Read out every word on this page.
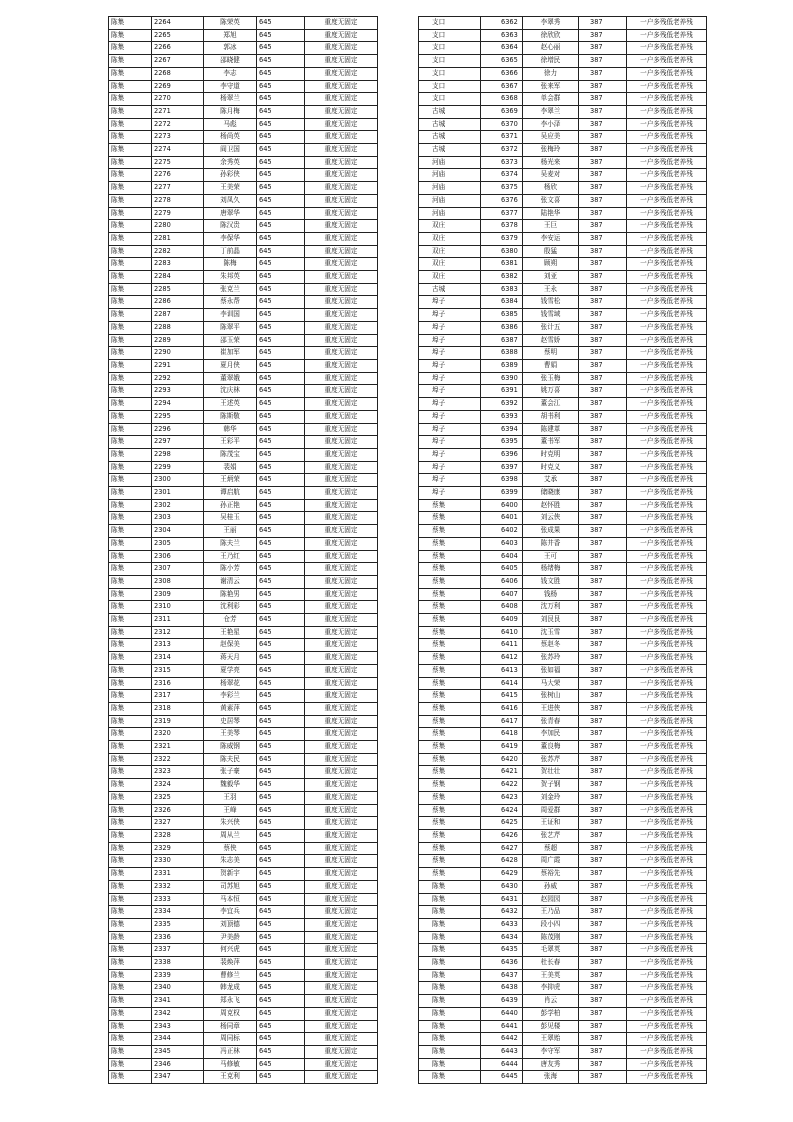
陈集	2264	陈荣英	645	重度无固定
陈集	2265	郑旭	645	重度无固定
陈集	2266	郭冰	645	重度无固定
陈集	2267	邵晓健	645	重度无固定
陈集	2268	李志	645	重度无固定
陈集	2269	李守道	645	重度无固定
陈集	2270	杨翠兰	645	重度无固定
陈集	2271	陈月梅	645	重度无固定
陈集	2272	马彪	645	重度无固定
陈集	2273	杨尚英	645	重度无固定
陈集	2274	阎卫国	645	重度无固定
陈集	2275	余秀英	645	重度无固定
陈集	2276	孙彩侠	645	重度无固定
陈集	2277	王美荣	645	重度无固定
陈集	2278	刘凤久	645	重度无固定
陈集	2279	唐翠华	645	重度无固定
陈集	2280	陈汉贵	645	重度无固定
陈集	2281	李保华	645	重度无固定
陈集	2282	丁前晶	645	重度无固定
陈集	2283	陈梅	645	重度无固定
陈集	2284	朱邦英	645	重度无固定
陈集	2285	张克兰	645	重度无固定
陈集	2286	蔡永帮	645	重度无固定
陈集	2287	李训国	645	重度无固定
陈集	2288	陈翠平	645	重度无固定
陈集	2289	邵玉荣	645	重度无固定
陈集	2290	崔加军	645	重度无固定
陈集	2291	夏月侠	645	重度无固定
陈集	2292	董翠娥	645	重度无固定
陈集	2293	沈庆林	645	重度无固定
陈集	2294	王述英	645	重度无固定
陈集	2295	陈斯敬	645	重度无固定
陈集	2296	韩华	645	重度无固定
陈集	2297	王彩平	645	重度无固定
陈集	2298	陈茂宝	645	重度无固定
陈集	2299	裴娟	645	重度无固定
陈集	2300	王炳荣	645	重度无固定
陈集	2301	谭启航	645	重度无固定
陈集	2302	孙正艳	645	重度无固定
陈集	2303	吴桂玉	645	重度无固定
陈集	2304	王丽	645	重度无固定
陈集	2305	陈夫兰	645	重度无固定
陈集	2306	王乃红	645	重度无固定
陈集	2307	陈小芳	645	重度无固定
陈集	2308	谢清云	645	重度无固定
陈集	2309	陈艳男	645	重度无固定
陈集	2310	沈利彩	645	重度无固定
陈集	2311	仓芳	645	重度无固定
陈集	2312	王艳星	645	重度无固定
陈集	2313	赵保美	645	重度无固定
陈集	2314	蒋天月	645	重度无固定
陈集	2315	夏学亮	645	重度无固定
陈集	2316	杨翠花	645	重度无固定
陈集	2317	李彩兰	645	重度无固定
陈集	2318	黄素萍	645	重度无固定
陈集	2319	史居琴	645	重度无固定
陈集	2320	王美琴	645	重度无固定
陈集	2321	陈威钢	645	重度无固定
陈集	2322	陈夫民	645	重度无固定
陈集	2323	张子豪	645	重度无固定
陈集	2324	魏毅华	645	重度无固定
陈集	2325	王羽	645	重度无固定
陈集	2326	王峰	645	重度无固定
陈集	2327	朱兴侠	645	重度无固定
陈集	2328	周从兰	645	重度无固定
陈集	2329	蔡侠	645	重度无固定
陈集	2330	朱志美	645	重度无固定
陈集	2331	贺新宇	645	重度无固定
陈集	2332	司苏旭	645	重度无固定
陈集	2333	马本恒	645	重度无固定
陈集	2334	李宜兵	645	重度无固定
陈集	2335	刘顶德	645	重度无固定
陈集	2336	尹美龄	645	重度无固定
陈集	2337	何兴虎	645	重度无固定
陈集	2338	裴焕萍	645	重度无固定
陈集	2339	曹修兰	645	重度无固定
陈集	2340	韩龙成	645	重度无固定
陈集	2341	郑永飞	645	重度无固定
陈集	2342	周克权	645	重度无固定
陈集	2343	杨同章	645	重度无固定
陈集	2344	周同标	645	重度无固定
陈集	2345	冯正林	645	重度无固定
陈集	2346	马修敏	645	重度无固定
陈集	2347	王克利	645	重度无固定
支口	6362	李翠秀	387	一户多残低老养残
支口	6363	徐欣欣	387	一户多残低老养残
支口	6364	赵心丽	387	一户多残低老养残
支口	6365	徐增民	387	一户多残低老养残
支口	6366	徐力	387	一户多残低老养残
支口	6367	张来军	387	一户多残低老养残
支口	6368	单会群	387	一户多残低老养残
古城	6369	李翠兰	387	一户多残低老养残
古城	6370	李小泽	387	一户多残低老养残
古城	6371	吴应美	387	一户多残低老养残
古城	6372	张梅玲	387	一户多残低老养残
河庙	6373	杨光来	387	一户多残低老养残
河庙	6374	吴麦对	387	一户多残低老养残
河庙	6375	杨欣	387	一户多残低老养残
河庙	6376	张文喜	387	一户多残低老养残
河庙	6377	陆艳华	387	一户多残低老养残
双庄	6378	王巨	387	一户多残低老养残
双庄	6379	李安运	387	一户多残低老养残
双庄	6380	殷猛	387	一户多残低老养残
双庄	6381	顾朔	387	一户多残低老养残
双庄	6382	刘亚	387	一户多残低老养残
古城	6383	王永	387	一户多残低老养残
埠子	6384	钱雪松	387	一户多残低老养残
埠子	6385	钱雪域	387	一户多残低老养残
埠子	6386	张计五	387	一户多残低老养残
埠子	6387	赵雪娇	387	一户多残低老养残
埠子	6388	蔡明	387	一户多残低老养残
埠子	6389	曹娟	387	一户多残低老养残
埠子	6390	张玉梅	387	一户多残低老养残
埠子	6391	姚万喜	387	一户多残低老养残
埠子	6392	董会江	387	一户多残低老养残
埠子	6393	胡书利	387	一户多残低老养残
埠子	6394	陈建革	387	一户多残低老养残
埠子	6395	董书军	387	一户多残低老养残
埠子	6396	时克明	387	一户多残低老养残
埠子	6397	时克义	387	一户多残低老养残
埠子	6398	艾承	387	一户多残低老养残
埠子	6399	储晓康	387	一户多残低老养残
蔡集	6400	赵怀胜	387	一户多残低老养残
蔡集	6401	刘云侠	387	一户多残低老养残
蔡集	6402	张成果	387	一户多残低老养残
蔡集	6403	陈井香	387	一户多残低老养残
蔡集	6404	王可	387	一户多残低老养残
蔡集	6405	杨绪梅	387	一户多残低老养残
蔡集	6406	钱文胜	387	一户多残低老养残
蔡集	6407	钱杨	387	一户多残低老养残
蔡集	6408	沈万利	387	一户多残低老养残
蔡集	6409	刘艮艮	387	一户多残低老养残
蔡集	6410	沈玉雪	387	一户多残低老养残
蔡集	6411	蔡赵冬	387	一户多残低老养残
蔡集	6412	张苏玲	387	一户多残低老养残
蔡集	6413	张如福	387	一户多残低老养残
蔡集	6414	马大荣	387	一户多残低老养残
蔡集	6415	张树山	387	一户多残低老养残
蔡集	6416	王进侠	387	一户多残低老养残
蔡集	6417	张青春	387	一户多残低老养残
蔡集	6418	李加民	387	一户多残低老养残
蔡集	6419	董良梅	387	一户多残低老养残
蔡集	6420	张苏芹	387	一户多残低老养残
蔡集	6421	贺壮壮	387	一户多残低老养残
蔡集	6422	贺子钢	387	一户多残低老养残
蔡集	6423	刘金玲	387	一户多残低老养残
蔡集	6424	周爱群	387	一户多残低老养残
蔡集	6425	王证和	387	一户多残低老养残
蔡集	6426	张艺芹	387	一户多残低老养残
蔡集	6427	蔡超	387	一户多残低老养残
蔡集	6428	周广霞	387	一户多残低老养残
蔡集	6429	蔡裕先	387	一户多残低老养残
陈集	6430	孙威	387	一户多残低老养残
陈集	6431	赵园园	387	一户多残低老养残
陈集	6432	王乃品	387	一户多残低老养残
陈集	6433	段小四	387	一户多残低老养残
陈集	6434	陈茂刚	387	一户多残低老养残
陈集	6435	毛翠英	387	一户多残低老养残
陈集	6436	杜长春	387	一户多残低老养残
陈集	6437	王美英	387	一户多残低老养残
陈集	6438	李抑虎	387	一户多残低老养残
陈集	6439	肖云	387	一户多残低老养残
陈集	6440	彭学柏	387	一户多残低老养残
陈集	6441	彭见楼	387	一户多残低老养残
陈集	6442	王翠贻	387	一户多残低老养残
陈集	6443	李守军	387	一户多残低老养残
陈集	6444	唐友秀	387	一户多残低老养残
陈集	6445	张海	387	一户多残低老养残
